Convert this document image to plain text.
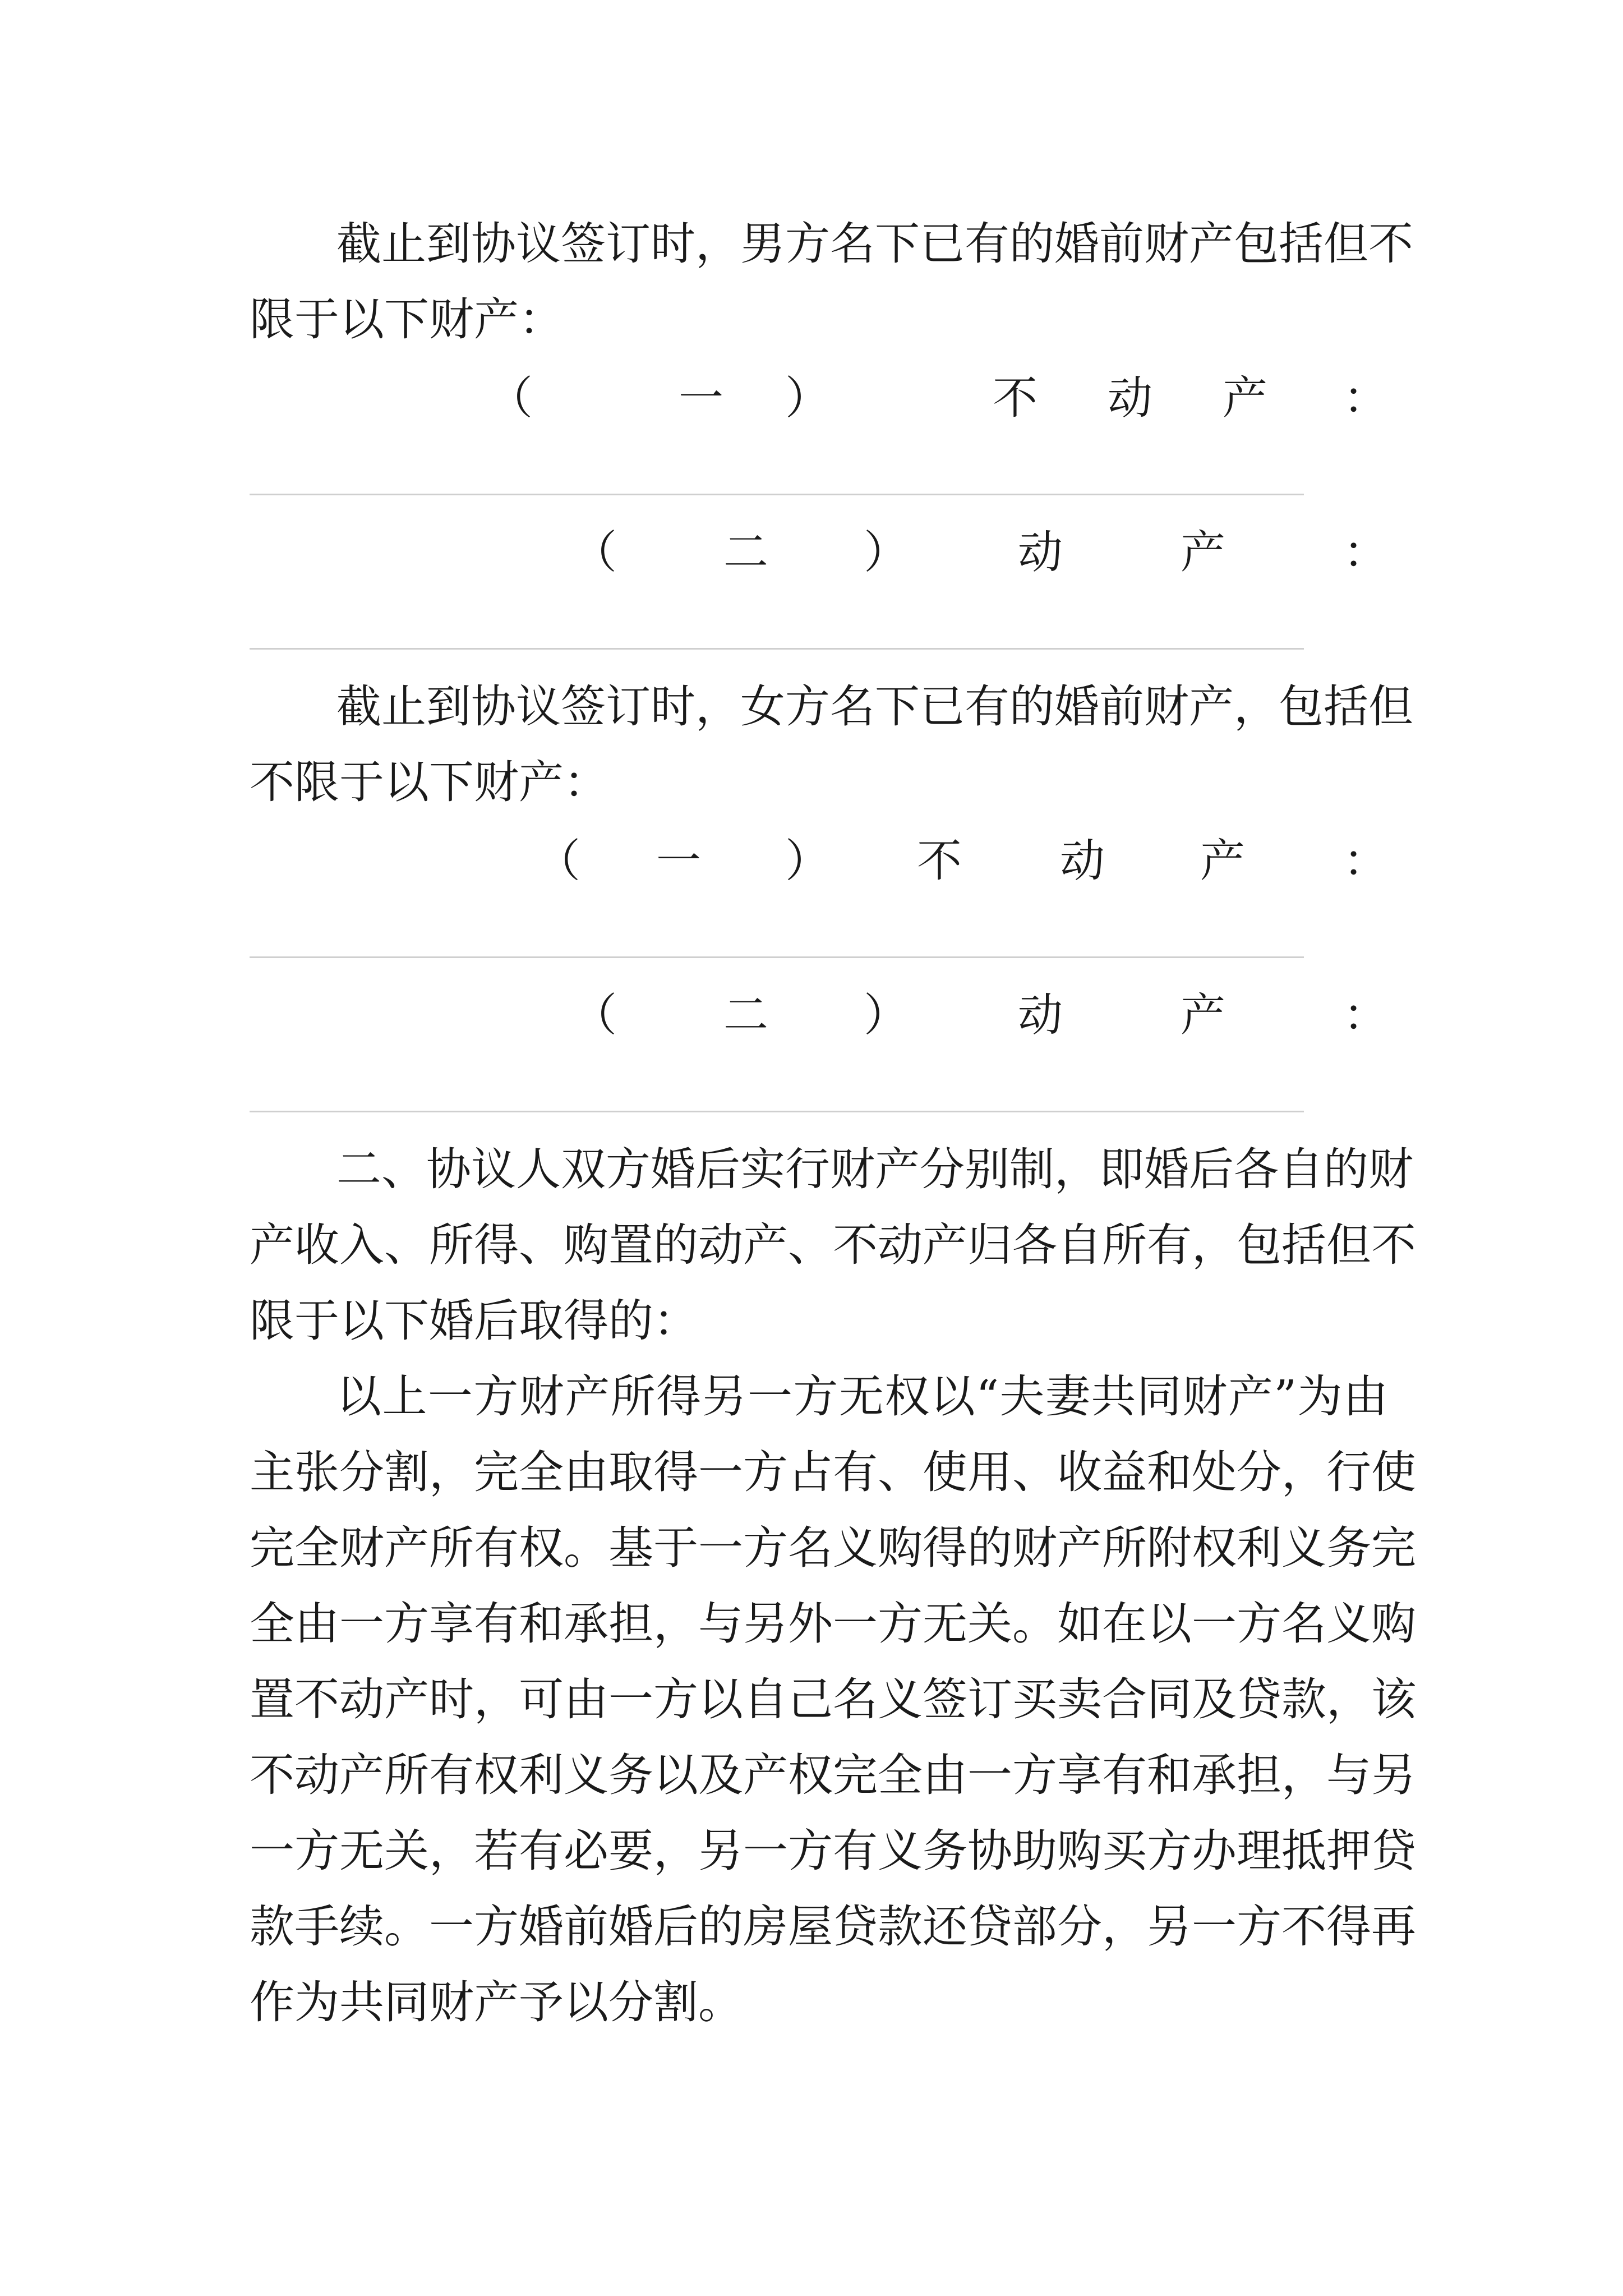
截止到协议签订时，男方名下已有的婚前财产包括但不
限于以下财产：
（	一 ）	不 动 产 ：
（ 二 ） 动	产	：
截止到协议签订时，女方名下已有的婚前财产，包括但
不限于以下财产：
（ 一 ） 不 动 产 ：
（ 二 ） 动	产	：
二、协议人双方婚后实行财产分别制，即婚后各自的财
产收入、所得、购置的动产、不动产归各自所有，包括但不
限于以下婚后取得的：
以上一方财产所得另一方无权以“夫妻共同财产”为由
主张分割，完全由取得一方占有、使用、收益和处分，行使
完全财产所有权。基于一方名义购得的财产所附权利义务完
全由一方享有和承担，与另外一方无关。如在以一方名义购
置不动产时，可由一方以自己名义签订买卖合同及贷款，该
不动产所有权利义务以及产权完全由一方享有和承担，与另
一方无关，若有必要，另一方有义务协助购买方办理抵押贷
款手续。一方婚前婚后的房屋贷款还贷部分，另一方不得再
作为共同财产予以分割。
